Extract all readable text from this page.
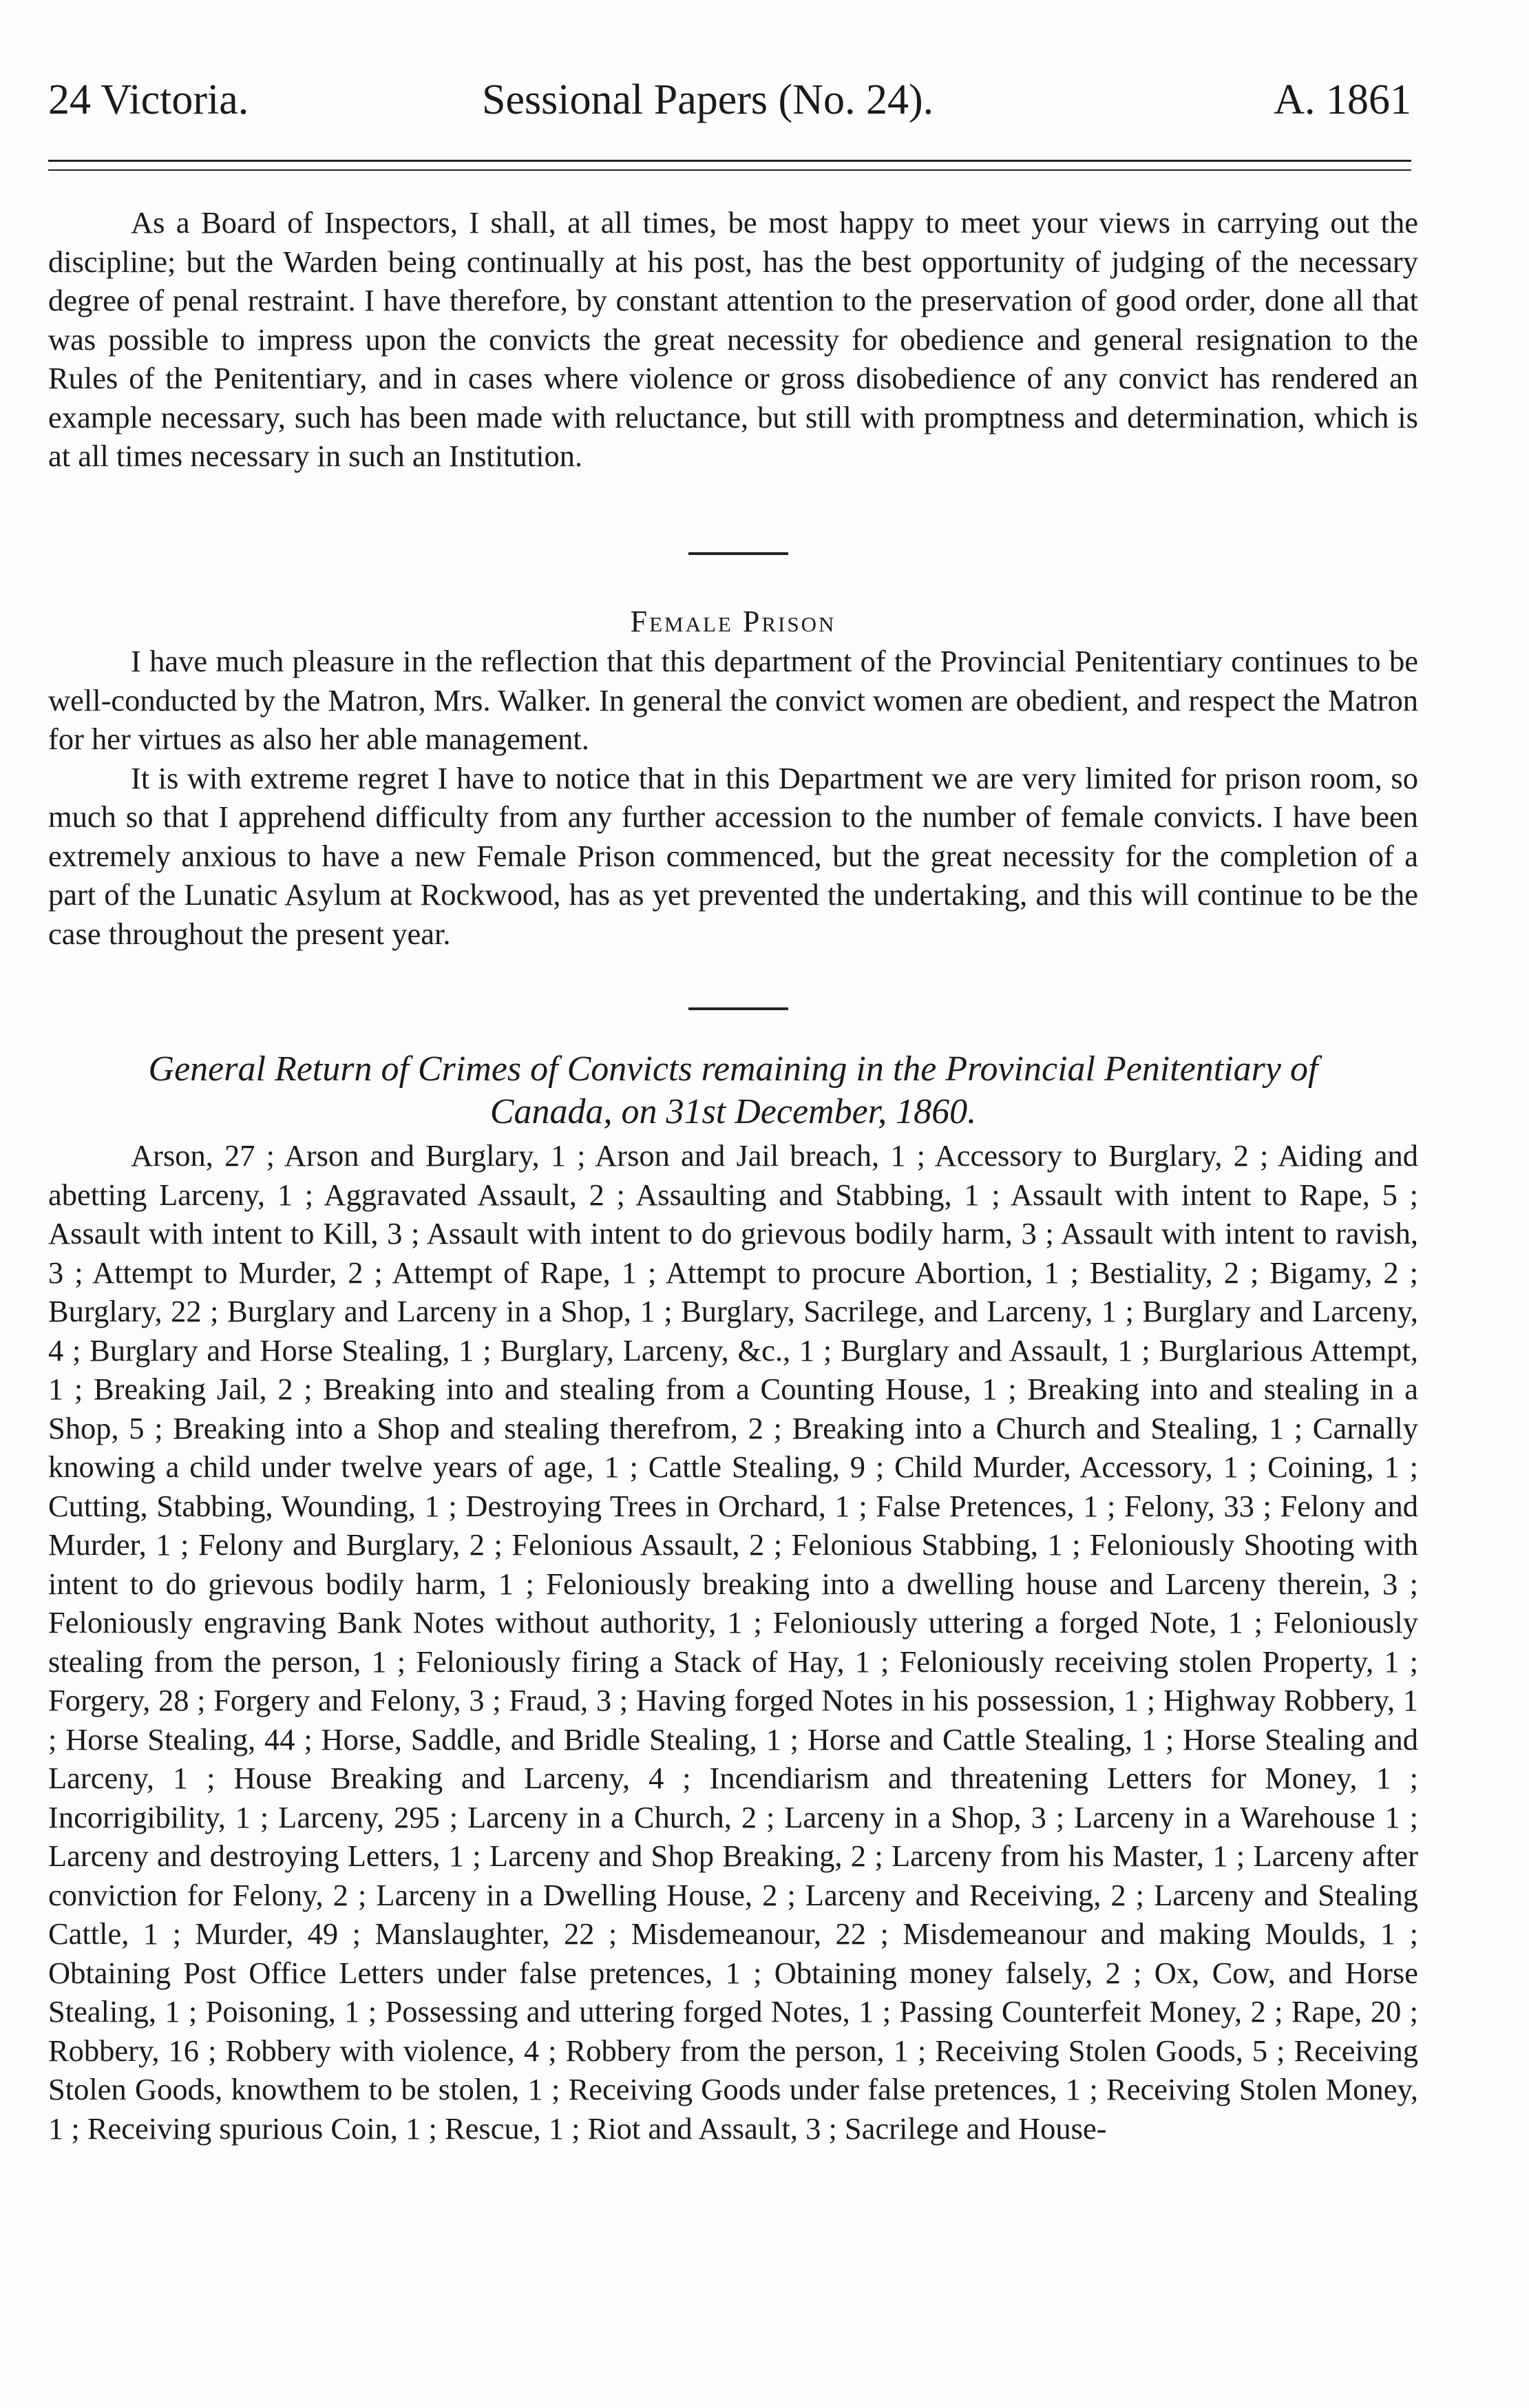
24 Victoria.	Sessional Papers (No. 24).	A. 1861

As a Board of Inspectors, I shall, at all times, be most happy to meet your views in carrying out the discipline; but the Warden being continually at his post, has the best opportunity of judging of the necessary degree of penal restraint. I have therefore, by constant attention to the preservation of good order, done all that was possible to impress upon the convicts the great necessity for obedience and general resignation to the Rules of the Penitentiary, and in cases where violence or gross disobedience of any convict has rendered an example necessary, such has been made with reluctance, but still with promptness and determination, which is at all times necessary in such an Institution.

Female Prison

I have much pleasure in the reflection that this department of the Provincial Penitentiary continues to be well-conducted by the Matron, Mrs. Walker. In general the convict women are obedient, and respect the Matron for her virtues as also her able management.

It is with extreme regret I have to notice that in this Department we are very limited for prison room, so much so that I apprehend difficulty from any further accession to the number of female convicts. I have been extremely anxious to have a new Female Prison commenced, but the great necessity for the completion of a part of the Lunatic Asylum at Rockwood, has as yet prevented the undertaking, and this will continue to be the case throughout the present year.

General Return of Crimes of Convicts remaining in the Provincial Penitentiary of
Canada, on 31st December, 1860.

Arson, 27 ; Arson and Burglary, 1 ; Arson and Jail breach, 1 ; Accessory to Burglary, 2 ; Aiding and abetting Larceny, 1 ; Aggravated Assault, 2 ; Assaulting and Stabbing, 1 ; Assault with intent to Rape, 5 ; Assault with intent to Kill, 3 ; Assault with intent to do grievous bodily harm, 3 ; Assault with intent to ravish, 3 ; Attempt to Murder, 2 ; Attempt of Rape, 1 ; Attempt to procure Abortion, 1 ; Bestiality, 2 ; Bigamy, 2 ; Burglary, 22 ; Burglary and Larceny in a Shop, 1 ; Burglary, Sacrilege, and Larceny, 1 ; Burglary and Larceny, 4 ; Burglary and Horse Stealing, 1 ; Burglary, Larceny, &c., 1 ; Burglary and Assault, 1 ; Burglarious Attempt, 1 ; Breaking Jail, 2 ; Breaking into and stealing from a Counting House, 1 ; Breaking into and stealing in a Shop, 5 ; Breaking into a Shop and stealing therefrom, 2 ; Breaking into a Church and Stealing, 1 ; Carnally knowing a child under twelve years of age, 1 ; Cattle Stealing, 9 ; Child Murder, Accessory, 1 ; Coining, 1 ; Cutting, Stabbing, Wounding, 1 ; Destroying Trees in Orchard, 1 ; False Pretences, 1 ; Felony, 33 ; Felony and Murder, 1 ; Felony and Burglary, 2 ; Felonious Assault, 2 ; Felonious Stabbing, 1 ; Feloniously Shooting with intent to do grievous bodily harm, 1 ; Feloniously breaking into a dwelling house and Larceny therein, 3 ; Feloniously engraving Bank Notes without authority, 1 ; Feloniously uttering a forged Note, 1 ; Feloniously stealing from the person, 1 ; Feloniously firing a Stack of Hay, 1 ; Feloniously receiving stolen Property, 1 ; Forgery, 28 ; Forgery and Felony, 3 ; Fraud, 3 ; Having forged Notes in his possession, 1 ; Highway Robbery, 1 ; Horse Stealing, 44 ; Horse, Saddle, and Bridle Stealing, 1 ; Horse and Cattle Stealing, 1 ; Horse Stealing and Larceny, 1 ; House Breaking and Larceny, 4 ; Incendiarism and threatening Letters for Money, 1 ; Incorrigibility, 1 ; Larceny, 295 ; Larceny in a Church, 2 ; Larceny in a Shop, 3 ; Larceny in a Warehouse 1 ; Larceny and destroying Letters, 1 ; Larceny and Shop Breaking, 2 ; Larceny from his Master, 1 ; Larceny after conviction for Felony, 2 ; Larceny in a Dwelling House, 2 ; Larceny and Receiving, 2 ; Larceny and Stealing Cattle, 1 ; Murder, 49 ; Manslaughter, 22 ; Misdemeanour, 22 ; Misdemeanour and making Moulds, 1 ; Obtaining Post Office Letters under false pretences, 1 ; Obtaining money falsely, 2 ; Ox, Cow, and Horse Stealing, 1 ; Poisoning, 1 ; Possessing and uttering forged Notes, 1 ; Passing Counterfeit Money, 2 ; Rape, 20 ; Robbery, 16 ; Robbery with violence, 4 ; Robbery from the person, 1 ; Receiving Stolen Goods, 5 ; Receiving Stolen Goods, knowthem to be stolen, 1 ; Receiving Goods under false pretences, 1 ; Receiving Stolen Money, 1 ; Receiving spurious Coin, 1 ; Rescue, 1 ; Riot and Assault, 3 ; Sacrilege and House-
